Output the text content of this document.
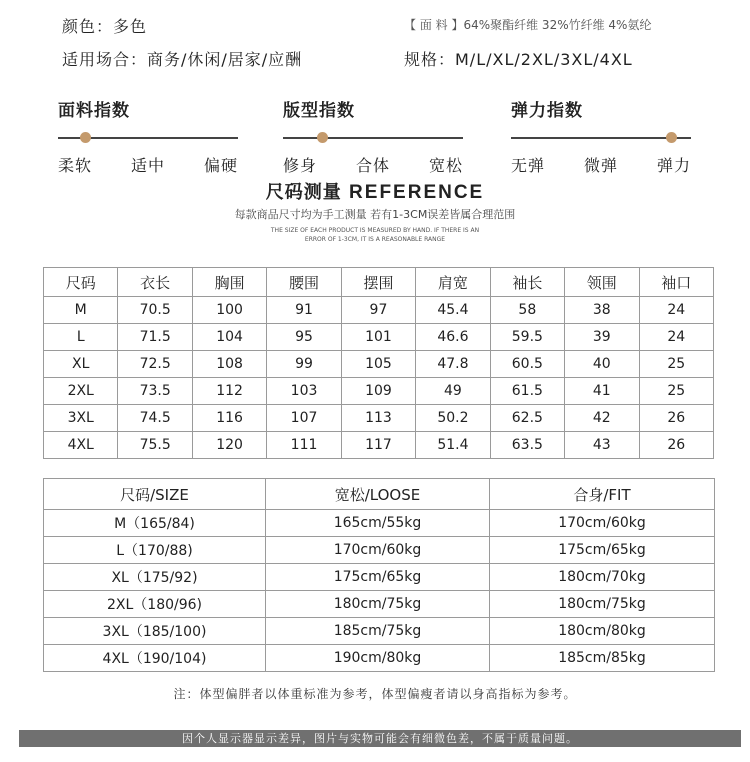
颜色：多色	【 面 料 】64%聚酯纤维 32%竹纤维 4%氨纶
适用场合：商务/休闲/居家/应酬	规格：M/L/XL/2XL/3XL/4XL
面料指数
柔软 适中 偏硬
版型指数
修身 合体 宽松
弹力指数
无弹 微弹 弹力
尺码测量 REFERENCE
每款商品尺寸均为手工测量 若有1-3CM误差皆属合理范围
THE SIZE OF EACH PRODUCT IS MEASURED BY HAND. IF THERE IS AN
ERROR OF 1-3CM, IT IS A REASONABLE RANGE
尺码	衣长	胸围	腰围	摆围	肩宽	袖长	领围	袖口
M	70.5	100	91	97	45.4	58	38	24
L	71.5	104	95	101	46.6	59.5	39	24
XL	72.5	108	99	105	47.8	60.5	40	25
2XL	73.5	112	103	109	49	61.5	41	25
3XL	74.5	116	107	113	50.2	62.5	42	26
4XL	75.5	120	111	117	51.4	63.5	43	26
尺码/SIZE	宽松/LOOSE	合身/FIT
M（165/84)	165cm/55kg	170cm/60kg
L（170/88)	170cm/60kg	175cm/65kg
XL（175/92)	175cm/65kg	180cm/70kg
2XL（180/96)	180cm/75kg	180cm/75kg
3XL（185/100)	185cm/75kg	180cm/80kg
4XL（190/104)	190cm/80kg	185cm/85kg
注：体型偏胖者以体重标准为参考，体型偏瘦者请以身高指标为参考。
因个人显示器显示差异，图片与实物可能会有细微色差，不属于质量问题。
